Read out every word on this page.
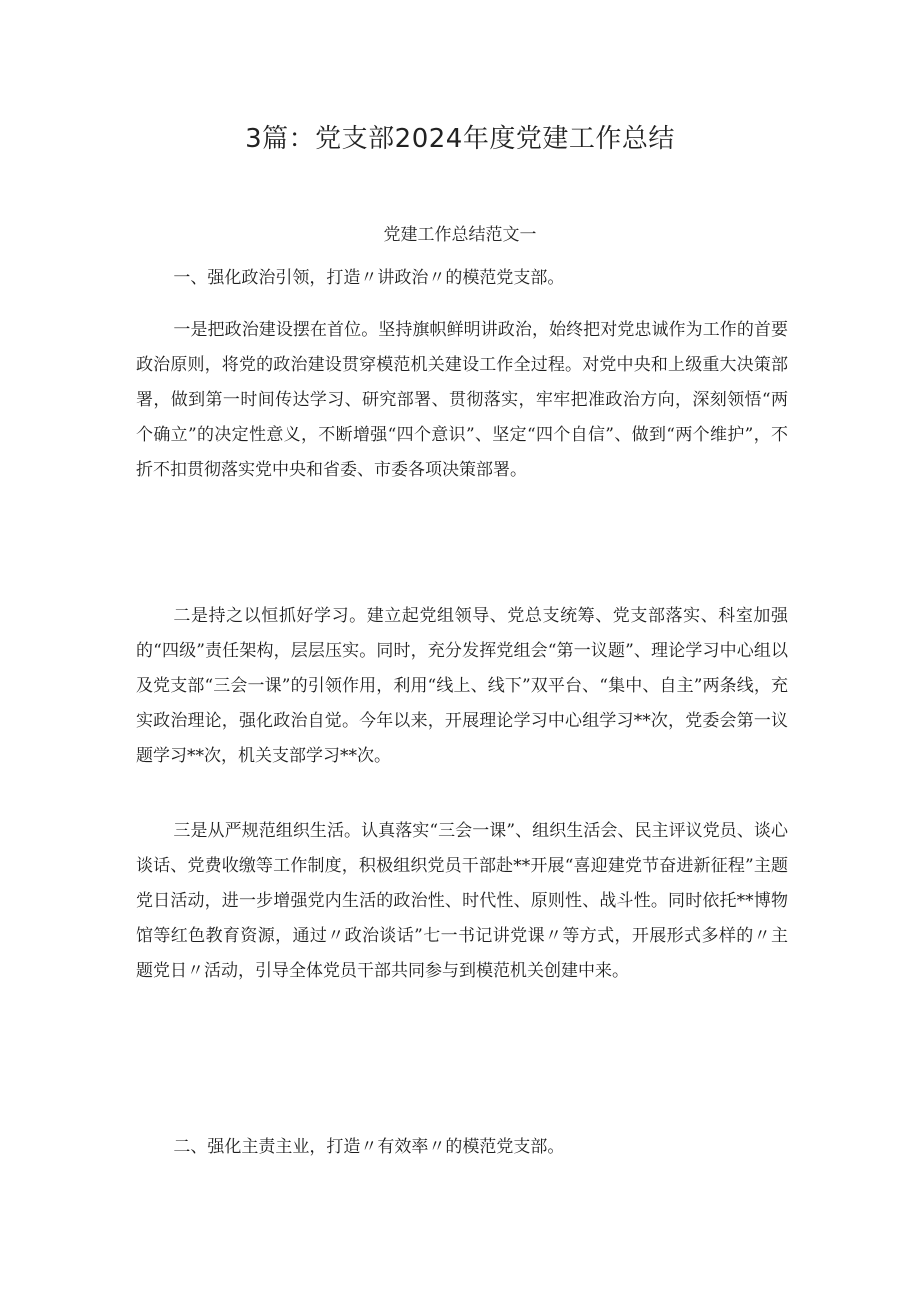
3篇：党支部2024年度党建工作总结
党建工作总结范文一

一、强化政治引领，打造〃讲政治〃的模范党支部。

一是把政治建设摆在首位。坚持旗帜鲜明讲政治，始终把对党忠诚作为工作的首要政治原则，将党的政治建设贯穿模范机关建设工作全过程。对党中央和上级重大决策部署，做到第一时间传达学习、研究部署、贯彻落实，牢牢把准政治方向，深刻领悟“两个确立”的决定性意义，不断增强“四个意识”、坚定“四个自信”、做到“两个维护”，不折不扣贯彻落实党中央和省委、市委各项决策部署。

二是持之以恒抓好学习。建立起党组领导、党总支统筹、党支部落实、科室加强的“四级”责任架构，层层压实。同时，充分发挥党组会“第一议题”、理论学习中心组以及党支部“三会一课”的引领作用，利用“线上、线下”双平台、“集中、自主”两条线，充实政治理论，强化政治自觉。今年以来，开展理论学习中心组学习**次，党委会第一议题学习**次，机关支部学习**次。

三是从严规范组织生活。认真落实“三会一课”、组织生活会、民主评议党员、谈心谈话、党费收缴等工作制度，积极组织党员干部赴**开展“喜迎建党节奋进新征程”主题党日活动，进一步增强党内生活的政治性、时代性、原则性、战斗性。同时依托**博物馆等红色教育资源，通过〃政治谈话”七一书记讲党课〃等方式，开展形式多样的〃主题党日〃活动，引导全体党员干部共同参与到模范机关创建中来。

二、强化主责主业，打造〃有效率〃的模范党支部。
